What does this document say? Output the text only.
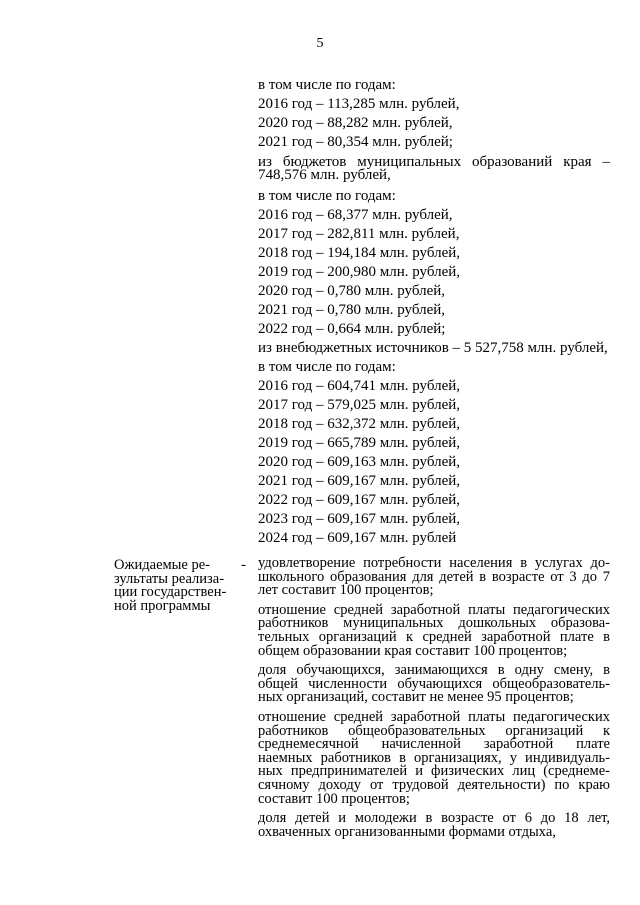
5

в том числе по годам:

2016 год – 113,285 млн. рублей,

2020 год – 88,282 млн. рублей,

2021 год – 80,354 млн. рублей;

из бюджетов муниципальных образований края – 748,576 млн. рублей,

в том числе по годам:

2016 год – 68,377 млн. рублей,

2017 год – 282,811 млн. рублей,

2018 год – 194,184 млн. рублей,

2019 год – 200,980 млн. рублей,

2020 год – 0,780 млн. рублей,

2021 год – 0,780 млн. рублей,

2022 год – 0,664 млн. рублей;

из внебюджетных источников – 5 527,758 млн. рублей,

в том числе по годам:

2016 год – 604,741 млн. рублей,

2017 год – 579,025 млн. рублей,

2018 год – 632,372 млн. рублей,

2019 год – 665,789 млн. рублей,

2020 год – 609,163 млн. рублей,

2021 год – 609,167 млн. рублей,

2022 год – 609,167 млн. рублей,

2023 год – 609,167 млн. рублей,

2024 год – 609,167 млн. рублей

Ожидаемые ре-зультаты реализа-ции государствен-ной программы
- удовлетворение потребности населения в услугах до-школьного образования для детей в возрасте от 3 до 7 лет составит 100 процентов;

отношение средней заработной платы педагогических работников муниципальных дошкольных образова-тельных организаций к средней заработной плате в общем образовании края составит 100 процентов;

доля обучающихся, занимающихся в одну смену, в общей численности обучающихся общеобразователь-ных организаций, составит не менее 95 процентов;

отношение средней заработной платы педагогических работников общеобразовательных организаций к среднемесячной начисленной заработной плате наемных работников в организациях, у индивидуаль-ных предпринимателей и физических лиц (среднеме-сячному доходу от трудовой деятельности) по краю составит 100 процентов;

доля детей и молодежи в возрасте от 6 до 18 лет, охваченных организованными формами отдыха,
